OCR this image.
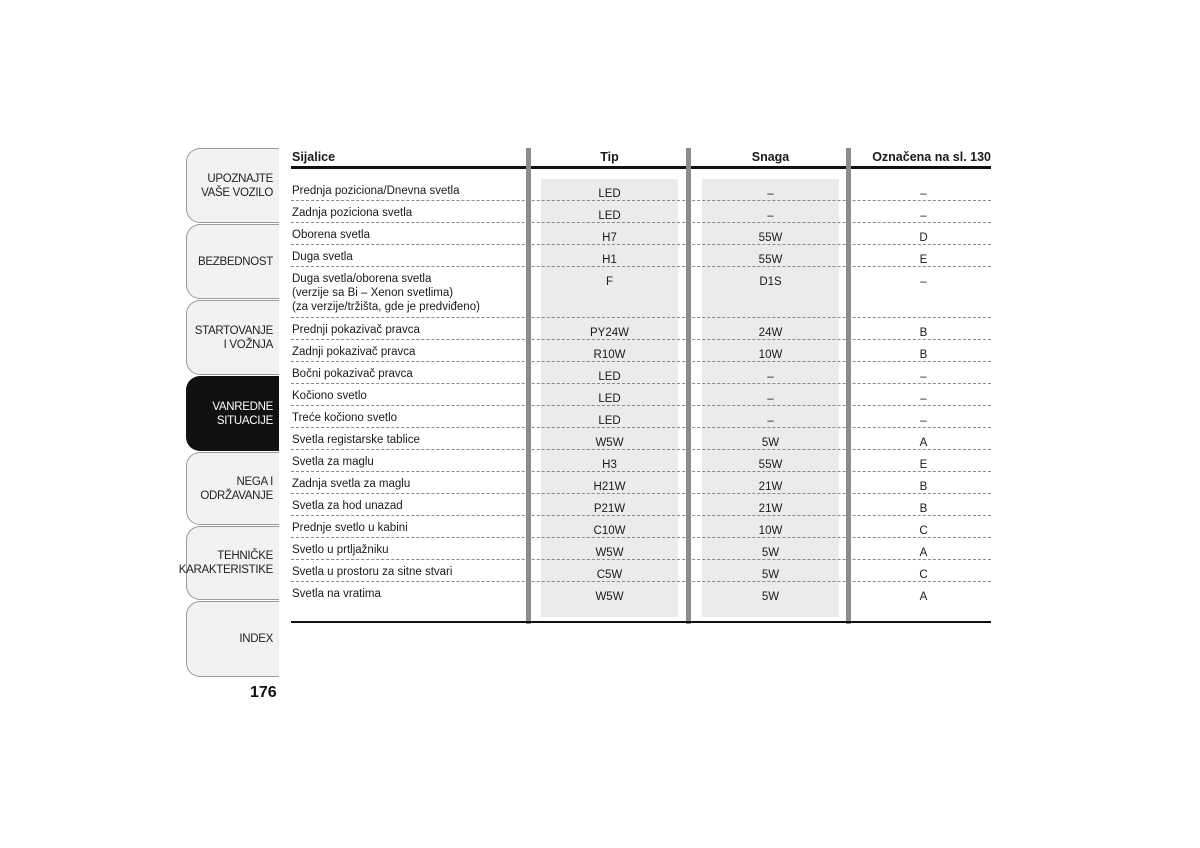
UPOZNAJTE
VAŠE VOZILO
BEZBEDNOST
STARTOVANJE
I VOŽNJA
VANREDNE
SITUACIJE
NEGA I
ODRŽAVANJE
TEHNIČKE
KARAKTERISTIKE
INDEX
176
Sijalice	Tip	Snaga	Označena na sl. 130
Prednja poziciona/Dnevna svetla	LED	–	–
Zadnja poziciona svetla	LED	–	–
Oborena svetla	H7	55W	D
Duga svetla	H1	55W	E
Duga svetla/oborena svetla
(verzije sa Bi – Xenon svetlima)
(za verzije/tržišta, gde je predviđeno)
F	D1S	–
Prednji pokazivač pravca	PY24W	24W	B
Zadnji pokazivač pravca	R10W	10W	B
Bočni pokazivač pravca	LED	–	–
Kočiono svetlo	LED	–	–
Treće kočiono svetlo	LED	–	–
Svetla registarske tablice	W5W	5W	A
Svetla za maglu	H3	55W	E
Zadnja svetla za maglu	H21W	21W	B
Svetla za hod unazad	P21W	21W	B
Prednje svetlo u kabini	C10W	10W	C
Svetlo u prtljažniku	W5W	5W	A
Svetla u prostoru za sitne stvari	C5W	5W	C
Svetla na vratima	W5W	5W	A
